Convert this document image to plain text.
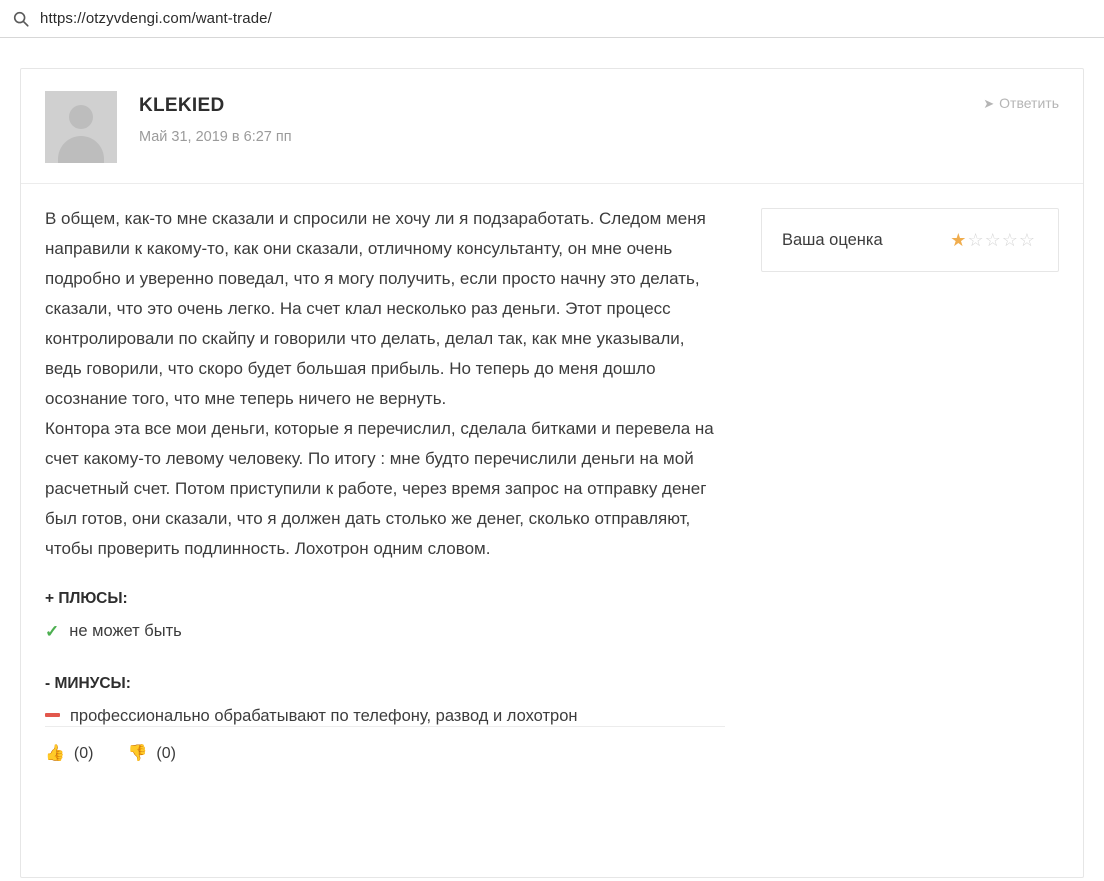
https://otzyvdengi.com/want-trade/
KLEKIED
Май 31, 2019 в 6:27 пп
➤ Ответить

В общем, как-то мне сказали и спросили не хочу ли я подзаработать. Следом меня направили к какому-то, как они сказали, отличному консультанту, он мне очень подробно и уверенно поведал, что я могу получить, если просто начну это делать, сказали, что это очень легко. На счет клал несколько раз деньги. Этот процесс контролировали по скайпу и говорили что делать, делал так, как мне указывали, ведь говорили, что скоро будет большая прибыль. Но теперь до меня дошло осознание того, что мне теперь ничего не вернуть.

Контора эта все мои деньги, которые я перечислил, сделала битками и перевела на счет какому-то левому человеку. По итогу : мне будто перечислили деньги на мой расчетный счет. Потом приступили к работе, через время запрос на отправку денег был готов, они сказали, что я должен дать столько же денег, сколько отправляют, чтобы проверить подлинность. Лохотрон одним словом.

+ ПЛЮСЫ:
✓ не может быть
- МИНУСЫ:
профессионально обрабатывают по телефону, развод и лохотрон
Ваша оценка	★☆☆☆☆
👍 (0) 👎 (0)
